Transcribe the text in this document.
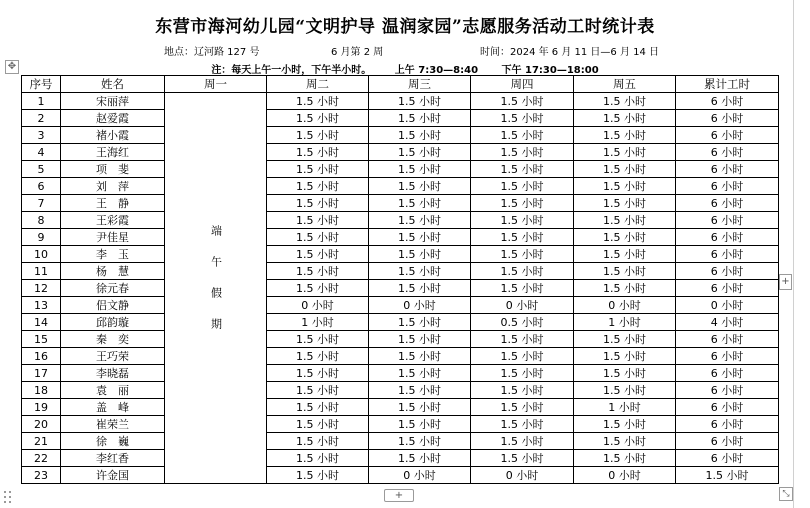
东营市海河幼儿园“文明护导 温润家园”志愿服务活动工时统计表
地点：辽河路 127 号	6 月第 2 周	时间：2024 年 6 月 11 日—6 月 14 日
注：每天上午一小时，下午半小时。 上午 7:30—8:40 下午 17:30—18:00
✥
序号	姓名	周一	周二	周三	周四	周五	累计工时
1	宋丽萍	端午假期	1.5 小时	1.5 小时	1.5 小时	1.5 小时	6 小时
2	赵爱霞		1.5 小时	1.5 小时	1.5 小时	1.5 小时	6 小时
3	褚小霞		1.5 小时	1.5 小时	1.5 小时	1.5 小时	6 小时
4	王海红		1.5 小时	1.5 小时	1.5 小时	1.5 小时	6 小时
5	项　斐		1.5 小时	1.5 小时	1.5 小时	1.5 小时	6 小时
6	刘　萍		1.5 小时	1.5 小时	1.5 小时	1.5 小时	6 小时
7	王　静		1.5 小时	1.5 小时	1.5 小时	1.5 小时	6 小时
8	王彩霞		1.5 小时	1.5 小时	1.5 小时	1.5 小时	6 小时
9	尹佳星		1.5 小时	1.5 小时	1.5 小时	1.5 小时	6 小时
10	李　玉		1.5 小时	1.5 小时	1.5 小时	1.5 小时	6 小时
11	杨　慧		1.5 小时	1.5 小时	1.5 小时	1.5 小时	6 小时
12	徐元春		1.5 小时	1.5 小时	1.5 小时	1.5 小时	6 小时
13	侣文静		0 小时	0 小时	0 小时	0 小时	0 小时
14	邱韵璇		1 小时	1.5 小时	0.5 小时	1 小时	4 小时
15	秦　奕		1.5 小时	1.5 小时	1.5 小时	1.5 小时	6 小时
16	王巧荣		1.5 小时	1.5 小时	1.5 小时	1.5 小时	6 小时
17	李晓磊		1.5 小时	1.5 小时	1.5 小时	1.5 小时	6 小时
18	袁　丽		1.5 小时	1.5 小时	1.5 小时	1.5 小时	6 小时
19	盖　峰		1.5 小时	1.5 小时	1.5 小时	1 小时	6 小时
20	崔荣兰		1.5 小时	1.5 小时	1.5 小时	1.5 小时	6 小时
21	徐　巍		1.5 小时	1.5 小时	1.5 小时	1.5 小时	6 小时
22	李红香		1.5 小时	1.5 小时	1.5 小时	1.5 小时	6 小时
23	许金国		1.5 小时	0 小时	0 小时	0 小时	1.5 小时
+
+	⤡
